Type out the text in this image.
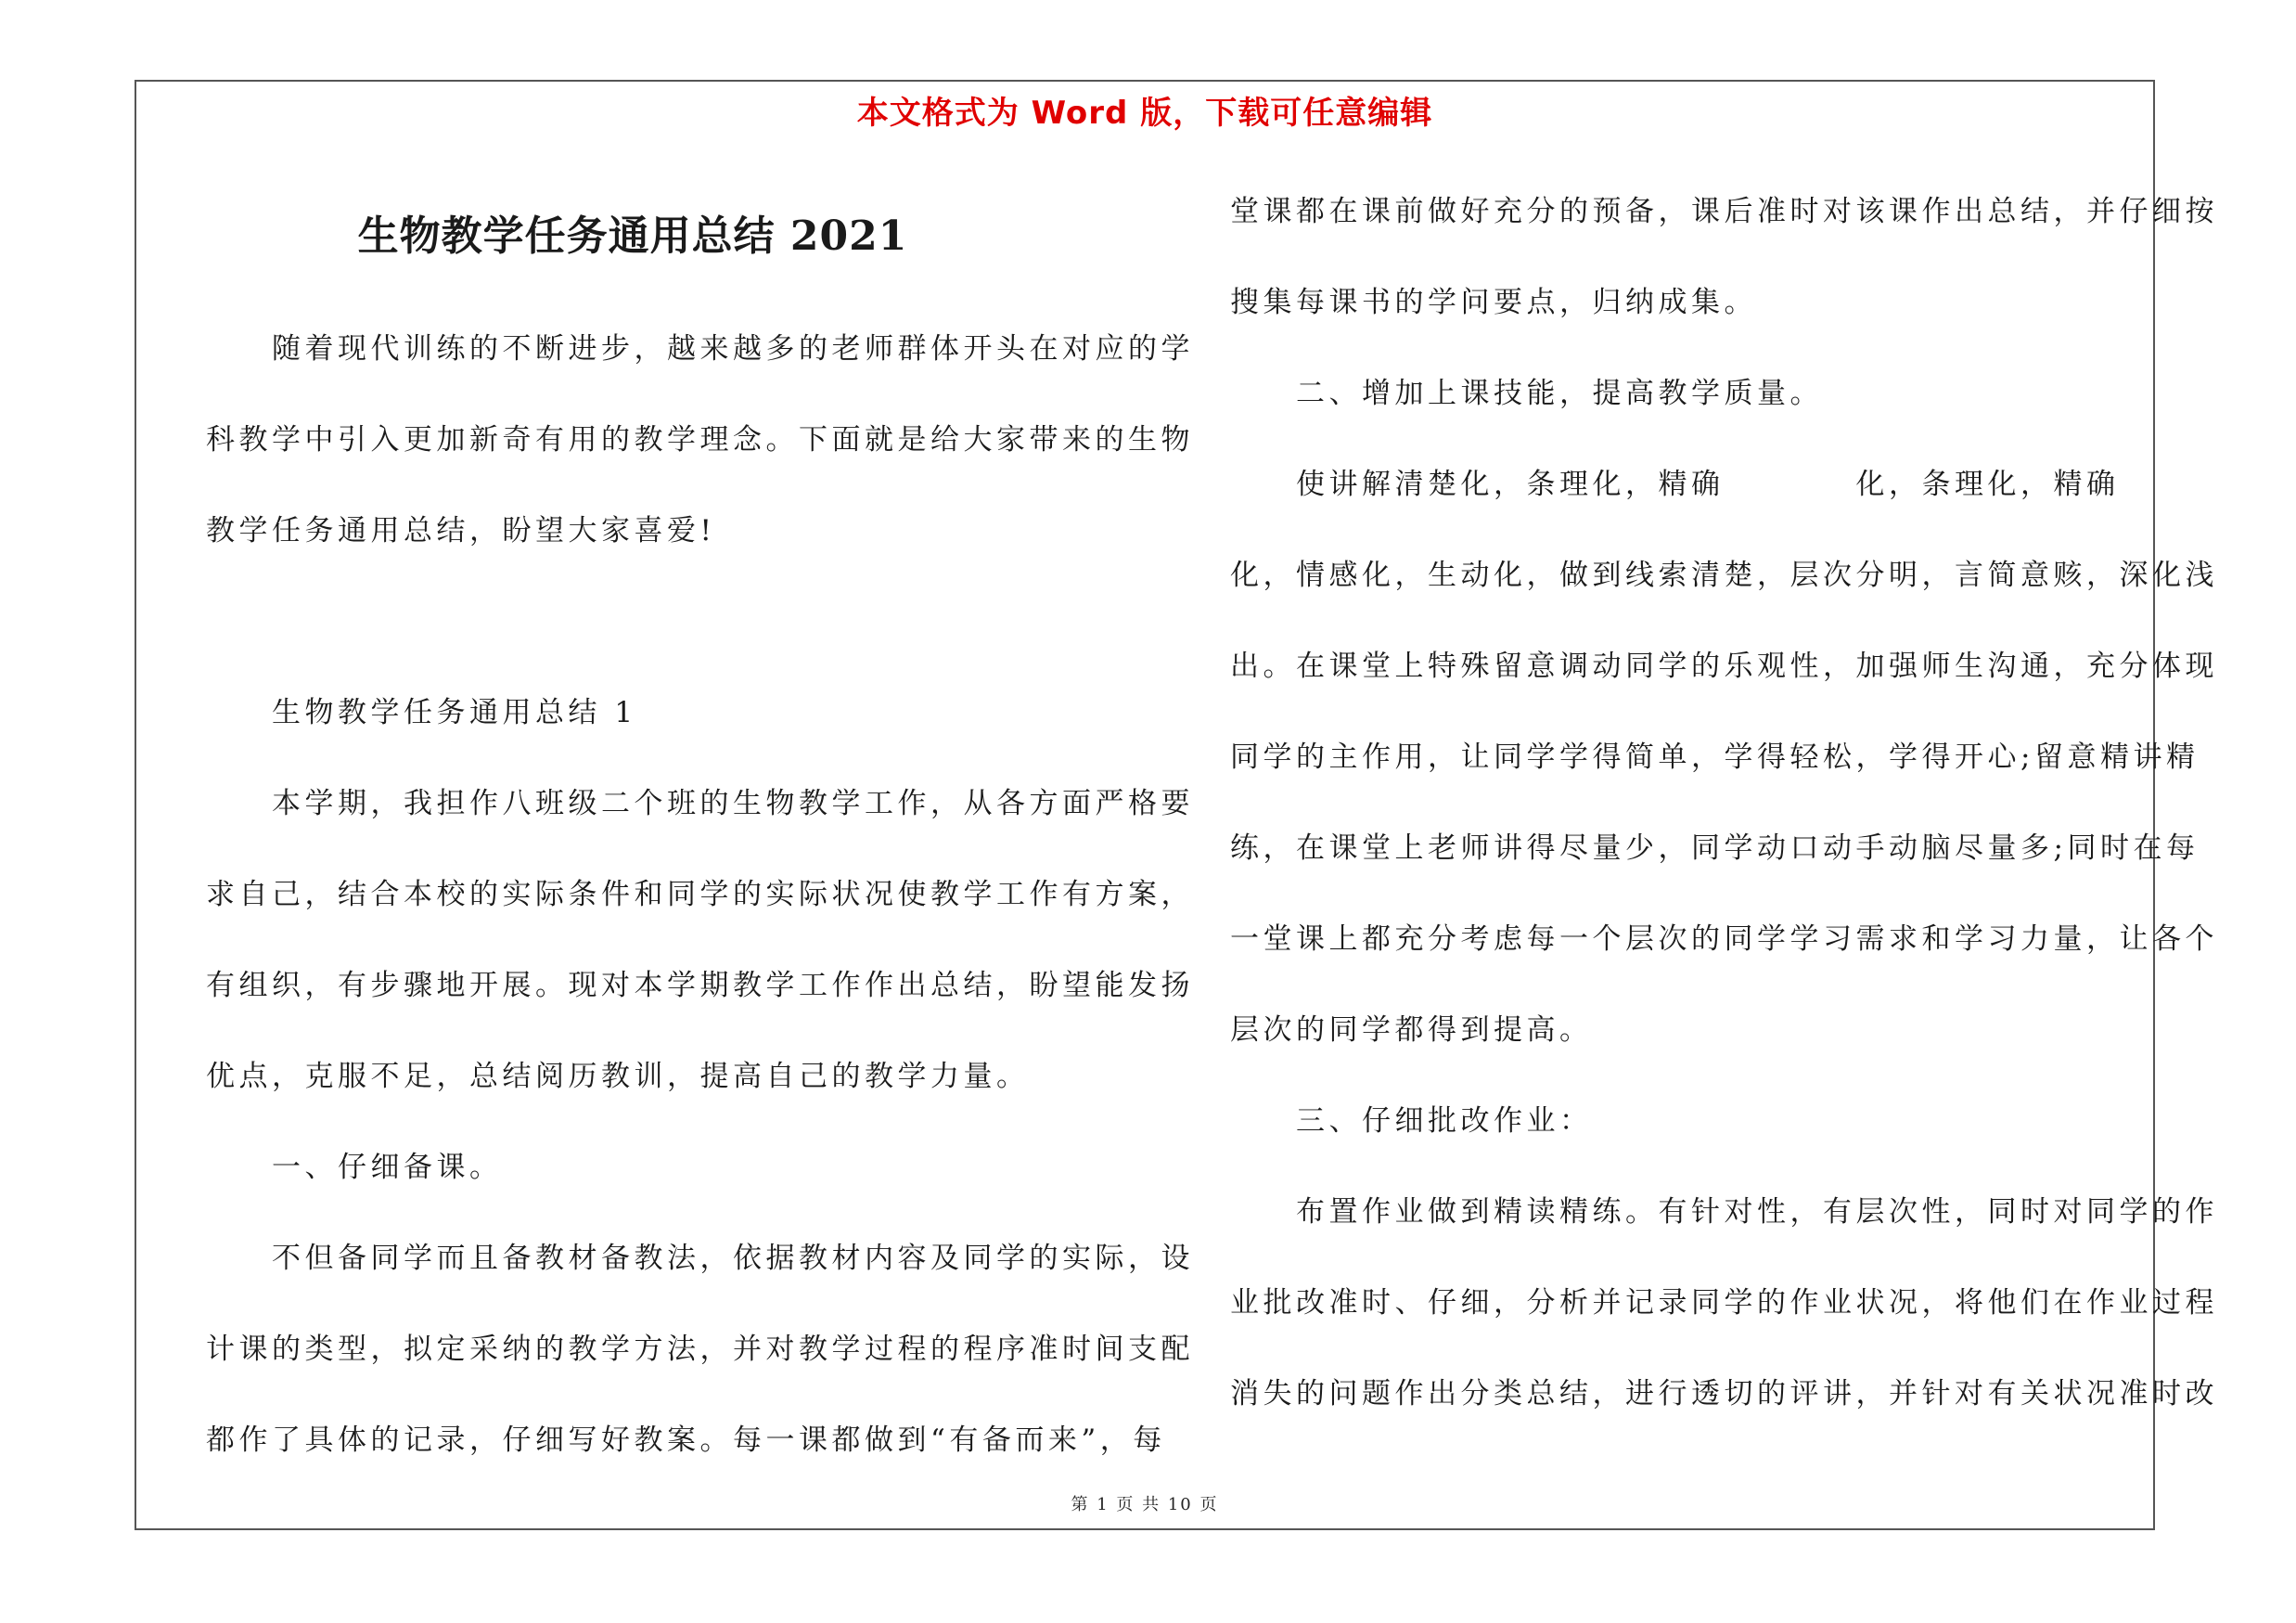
本文格式为 Word 版，下载可任意编辑
生物教学任务通用总结 2021
　　随着现代训练的不断进步，越来越多的老师群体开头在对应的学
科教学中引入更加新奇有用的教学理念。下面就是给大家带来的生物
教学任务通用总结，盼望大家喜爱!
　　生物教学任务通用总结 1
　　本学期，我担作八班级二个班的生物教学工作，从各方面严格要
求自己，结合本校的实际条件和同学的实际状况使教学工作有方案，
有组织，有步骤地开展。现对本学期教学工作作出总结，盼望能发扬
优点，克服不足，总结阅历教训，提高自己的教学力量。
　　一、仔细备课。
　　不但备同学而且备教材备教法，依据教材内容及同学的实际，设
计课的类型，拟定采纳的教学方法，并对教学过程的程序准时间支配
都作了具体的记录，仔细写好教案。每一课都做到“有备而来”，每
堂课都在课前做好充分的预备，课后准时对该课作出总结，并仔细按
搜集每课书的学问要点，归纳成集。
　　二、增加上课技能，提高教学质量。
　　使讲解清楚化，条理化，精确　　　　化，条理化，精确
化，情感化，生动化，做到线索清楚，层次分明，言简意赅，深化浅
出。在课堂上特殊留意调动同学的乐观性，加强师生沟通，充分体现
同学的主作用，让同学学得简单，学得轻松，学得开心;留意精讲精
练，在课堂上老师讲得尽量少，同学动口动手动脑尽量多;同时在每
一堂课上都充分考虑每一个层次的同学学习需求和学习力量，让各个
层次的同学都得到提高。
　　三、仔细批改作业：
　　布置作业做到精读精练。有针对性，有层次性，同时对同学的作
业批改准时、仔细，分析并记录同学的作业状况，将他们在作业过程
消失的问题作出分类总结，进行透切的评讲，并针对有关状况准时改
第 1 页 共 10 页
